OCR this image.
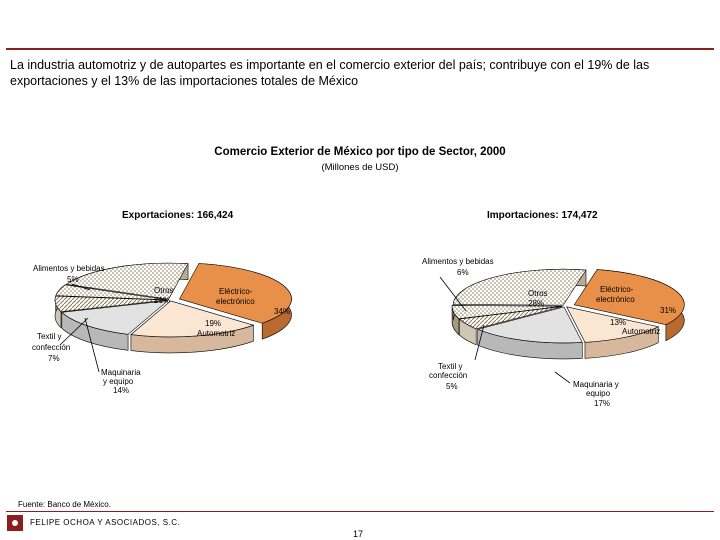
La industria automotriz y de autopartes es importante en el comercio exterior del país; contribuye con el 19% de las exportaciones y el 13% de las importaciones totales de México
Comercio Exterior de México por tipo de Sector, 2000
(Millones de USD)
Exportaciones: 166,424	Importaciones: 174,472
Alimentos y bebidas
5%
Otros
21%
Eléctrico-
electrónico
34%
19%
Automotriz
Textil y
confección
7%
Maquinaria
y equipo
14%
Alimentos y bebidas
6%
Otros
28%
Eléctrico-
electrónico
31%
13%
Automotriz
Textil y
confección
5%	Maquinaria y
equipo
17%
Fuente: Banco de México.
FELIPE OCHOA Y ASOCIADOS, S.C.
17
